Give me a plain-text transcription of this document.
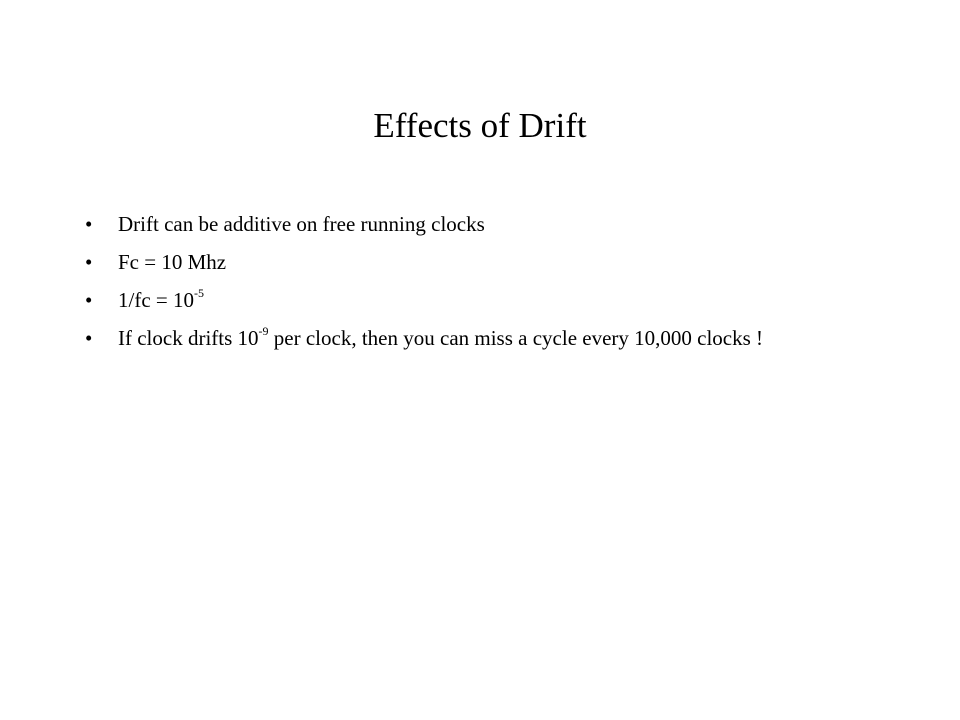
Effects of Drift
• Drift can be additive on free running clocks
• Fc = 10 Mhz
• $1/fc = 10^{-5}$
• If clock drifts $10^{-9}$ per clock, then you can miss a cycle every 10,000 clocks !
